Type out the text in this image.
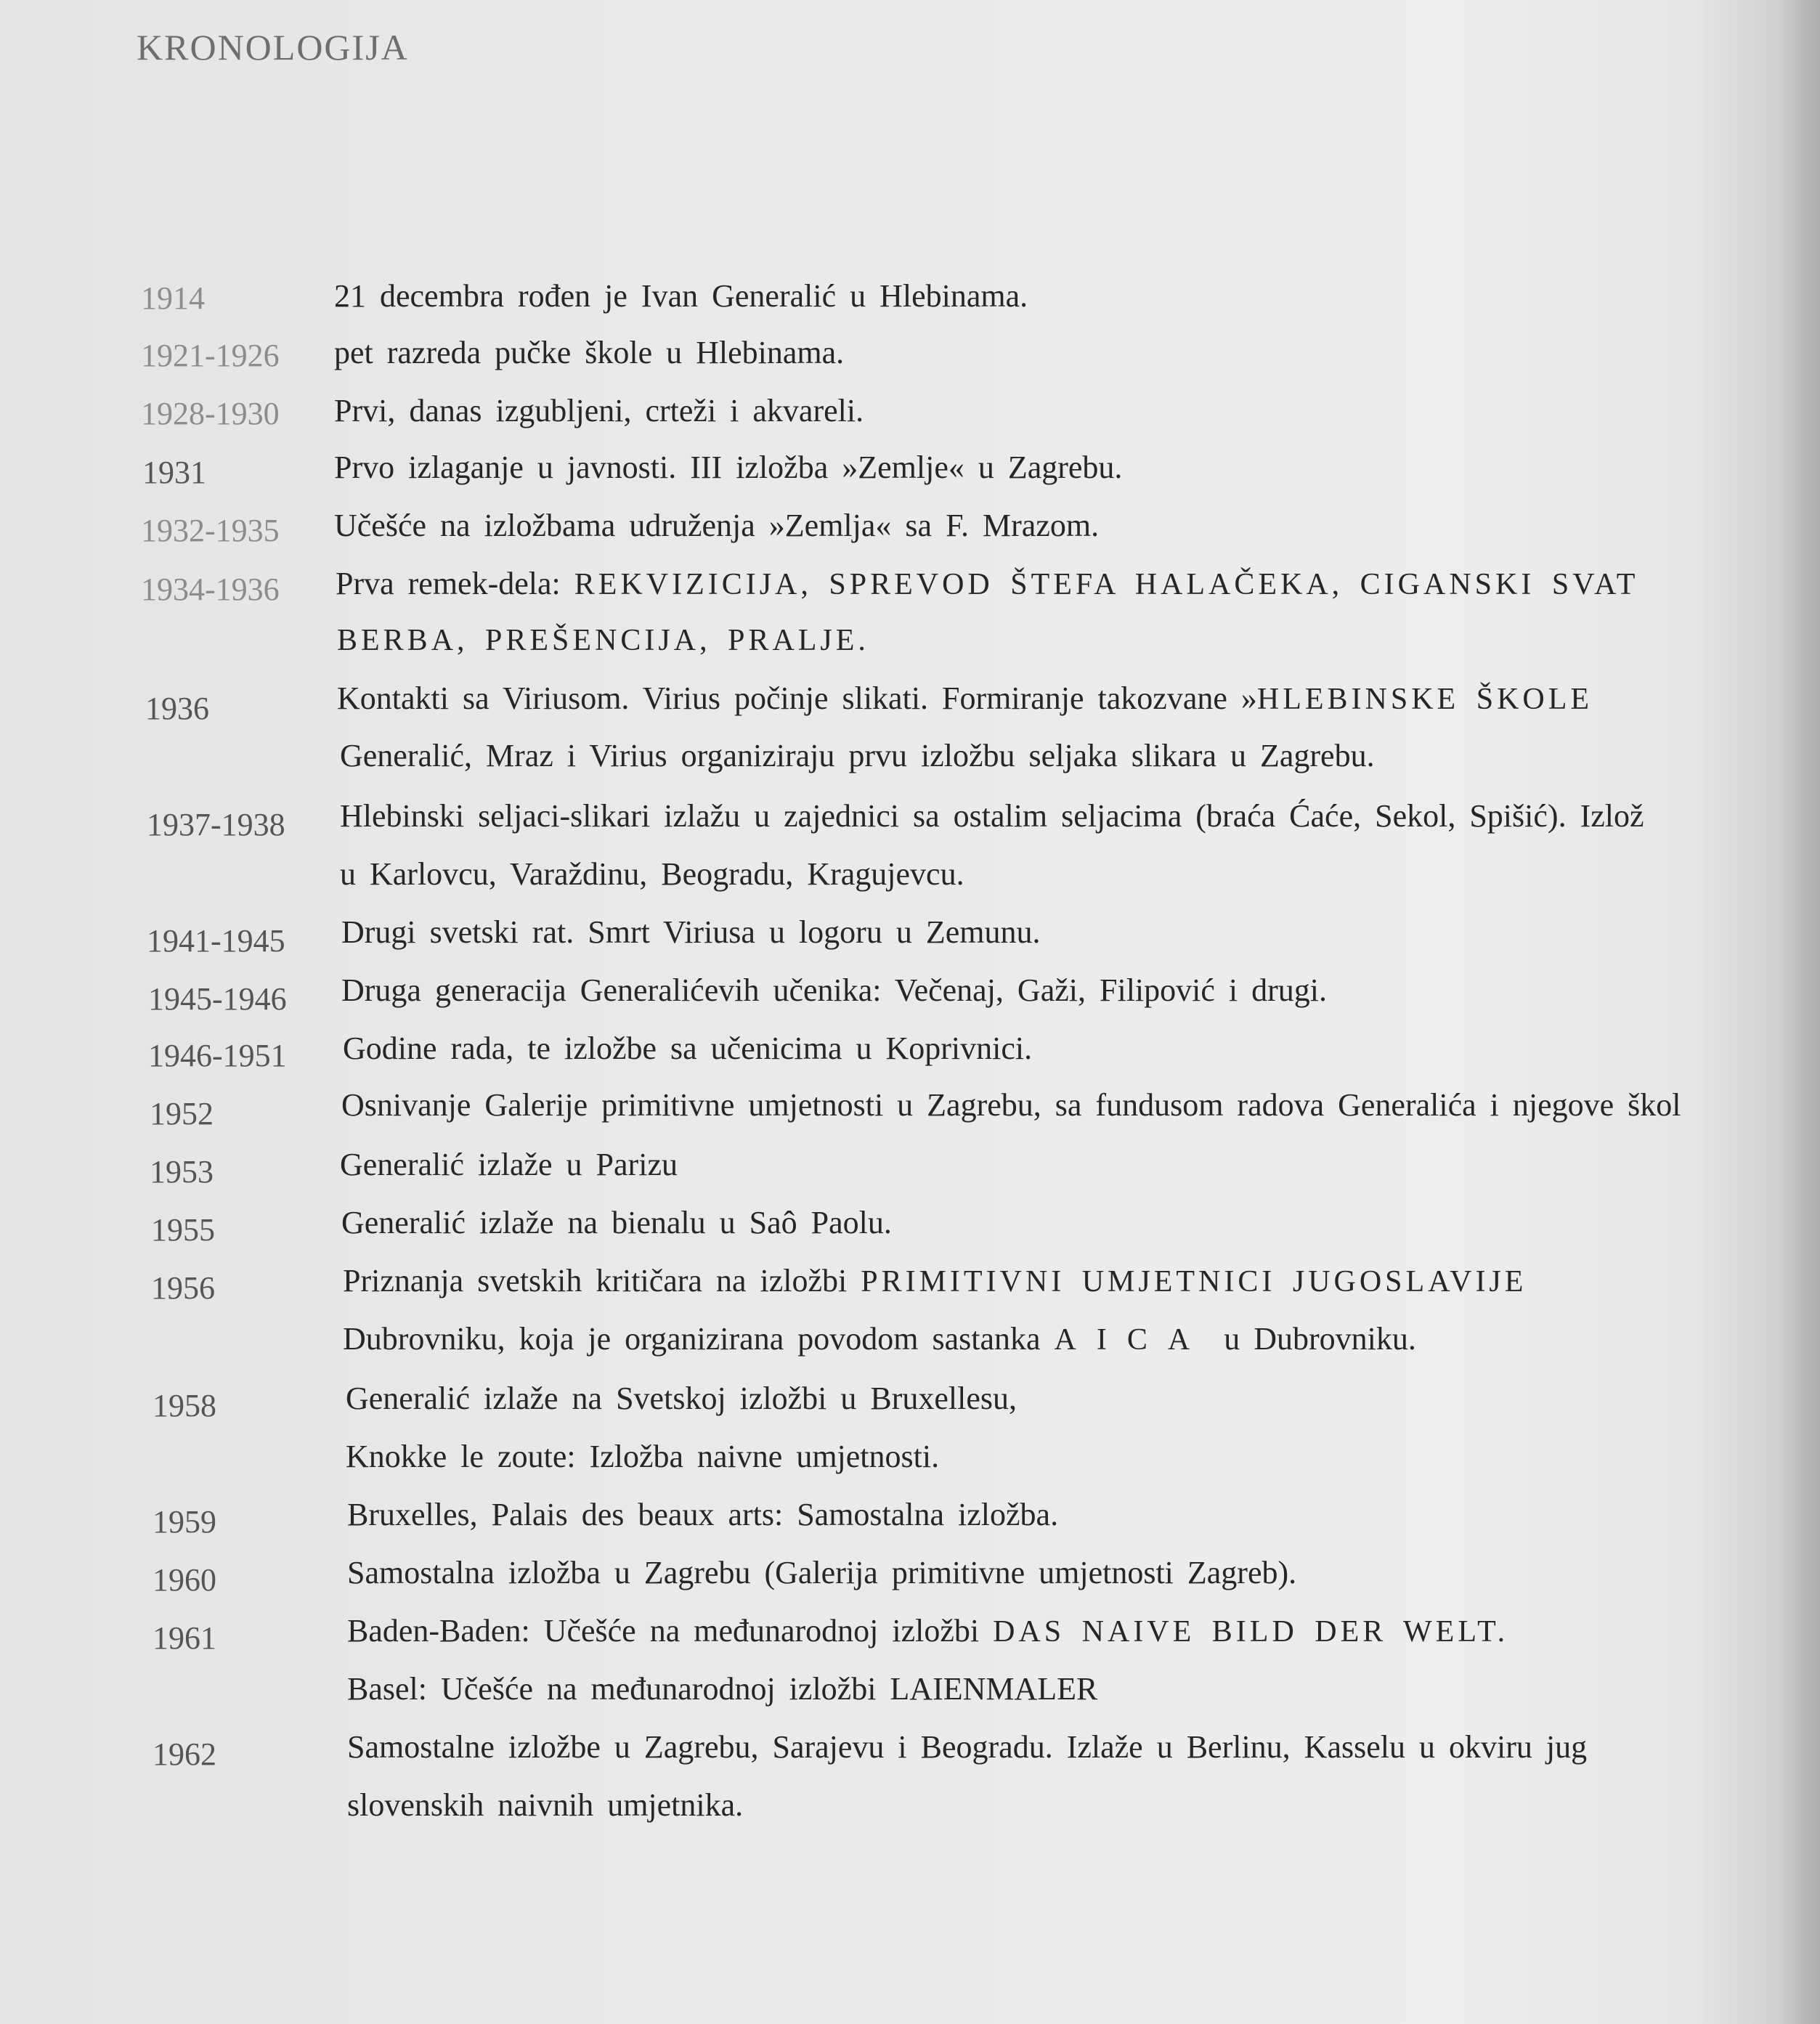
KRONOLOGIJA
1914	21 decembra rođen je Ivan Generalić u Hlebinama.
1921-1926 pet razreda pučke škole u Hlebinama.
1928-1930 Prvi, danas izgubljeni, crteži i akvareli.
1931	Prvo izlaganje u javnosti. III izložba »Zemlje« u Zagrebu.
1932-1935 Učešće na izložbama udruženja »Zemlja« sa F. Mrazom.
1934-1936 Prva remek-dela: REKVIZICIJA, SPREVOD ŠTEFA HALAČEKA, CIGANSKI SVAT
BERBA, PREŠENCIJA, PRALJE.
1936	Kontakti sa Viriusom. Virius počinje slikati. Formiranje takozvane »HLEBINSKE ŠKOLE
Generalić, Mraz i Virius organiziraju prvu izložbu seljaka slikara u Zagrebu.
1937-1938 Hlebinski seljaci-slikari izlažu u zajednici sa ostalim seljacima (braća Ćaće, Sekol, Spišić). Izlož
u Karlovcu, Varaždinu, Beogradu, Kragujevcu.
1941-1945 Drugi svetski rat. Smrt Viriusa u logoru u Zemunu.
1945-1946 Druga generacija Generalićevih učenika: Večenaj, Gaži, Filipović i drugi.
1946-1951 Godine rada, te izložbe sa učenicima u Koprivnici.
1952	Osnivanje Galerije primitivne umjetnosti u Zagrebu, sa fundusom radova Generalića i njegove škol
1953	Generalić izlaže u Parizu
1955	Generalić izlaže na bienalu u Saô Paolu.
1956	Priznanja svetskih kritičara na izložbi PRIMITIVNI UMJETNICI JUGOSLAVIJE
Dubrovniku, koja je organizirana povodom sastanka AICA u Dubrovniku.
1958	Generalić izlaže na Svetskoj izložbi u Bruxellesu,
Knokke le zoute: Izložba naivne umjetnosti.
1959	Bruxelles, Palais des beaux arts: Samostalna izložba.
1960	Samostalna izložba u Zagrebu (Galerija primitivne umjetnosti Zagreb).
1961	Baden-Baden: Učešće na međunarodnoj izložbi DAS NAIVE BILD DER WELT.
Basel: Učešće na međunarodnoj izložbi LAIENMALER
1962	Samostalne izložbe u Zagrebu, Sarajevu i Beogradu. Izlaže u Berlinu, Kasselu u okviru jug
slovenskih naivnih umjetnika.
